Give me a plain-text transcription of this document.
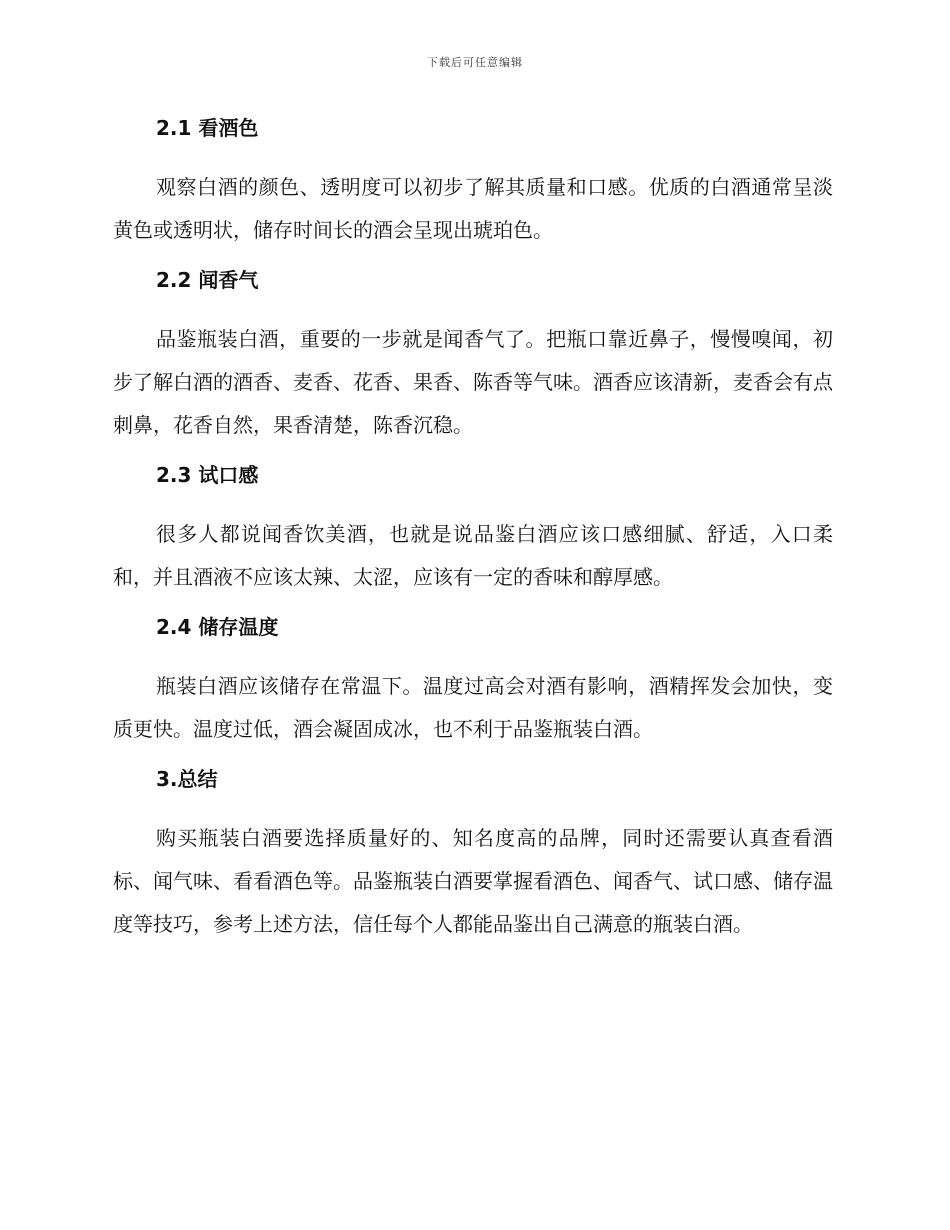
下载后可任意编辑
2.1 看酒色

观察白酒的颜色、透明度可以初步了解其质量和口感。优质的白酒通常呈淡黄色或透明状，储存时间长的酒会呈现出琥珀色。

2.2 闻香气

品鉴瓶装白酒，重要的一步就是闻香气了。把瓶口靠近鼻子，慢慢嗅闻，初步了解白酒的酒香、麦香、花香、果香、陈香等气味。酒香应该清新，麦香会有点刺鼻，花香自然，果香清楚，陈香沉稳。

2.3 试口感

很多人都说闻香饮美酒，也就是说品鉴白酒应该口感细腻、舒适，入口柔和，并且酒液不应该太辣、太涩，应该有一定的香味和醇厚感。

2.4 储存温度

瓶装白酒应该储存在常温下。温度过高会对酒有影响，酒精挥发会加快，变质更快。温度过低，酒会凝固成冰，也不利于品鉴瓶装白酒。

3.总结

购买瓶装白酒要选择质量好的、知名度高的品牌，同时还需要认真查看酒标、闻气味、看看酒色等。品鉴瓶装白酒要掌握看酒色、闻香气、试口感、储存温度等技巧，参考上述方法，信任每个人都能品鉴出自己满意的瓶装白酒。
